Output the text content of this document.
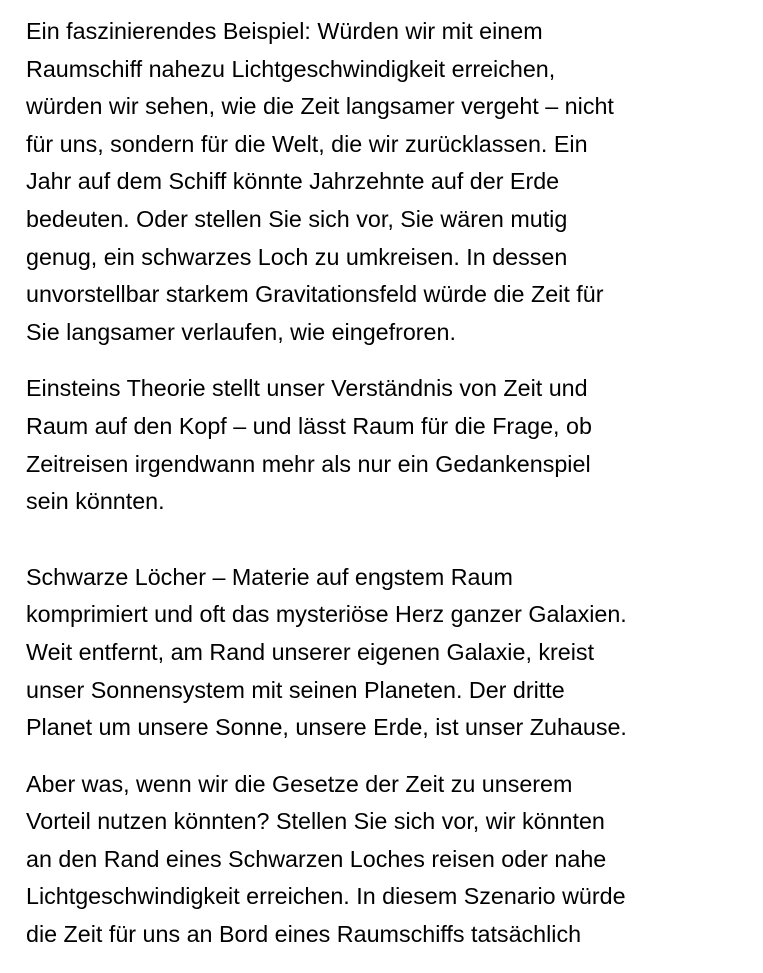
Ein faszinierendes Beispiel: Würden wir mit einem
Raumschiff nahezu Lichtgeschwindigkeit erreichen,
würden wir sehen, wie die Zeit langsamer vergeht – nicht
für uns, sondern für die Welt, die wir zurücklassen. Ein
Jahr auf dem Schiff könnte Jahrzehnte auf der Erde
bedeuten. Oder stellen Sie sich vor, Sie wären mutig
genug, ein schwarzes Loch zu umkreisen. In dessen
unvorstellbar starkem Gravitationsfeld würde die Zeit für
Sie langsamer verlaufen, wie eingefroren.

Einsteins Theorie stellt unser Verständnis von Zeit und
Raum auf den Kopf – und lässt Raum für die Frage, ob
Zeitreisen irgendwann mehr als nur ein Gedankenspiel
sein könnten.

Schwarze Löcher – Materie auf engstem Raum
komprimiert und oft das mysteriöse Herz ganzer Galaxien.
Weit entfernt, am Rand unserer eigenen Galaxie, kreist
unser Sonnensystem mit seinen Planeten. Der dritte
Planet um unsere Sonne, unsere Erde, ist unser Zuhause.

Aber was, wenn wir die Gesetze der Zeit zu unserem
Vorteil nutzen könnten? Stellen Sie sich vor, wir könnten
an den Rand eines Schwarzen Loches reisen oder nahe
Lichtgeschwindigkeit erreichen. In diesem Szenario würde
die Zeit für uns an Bord eines Raumschiffs tatsächlich
